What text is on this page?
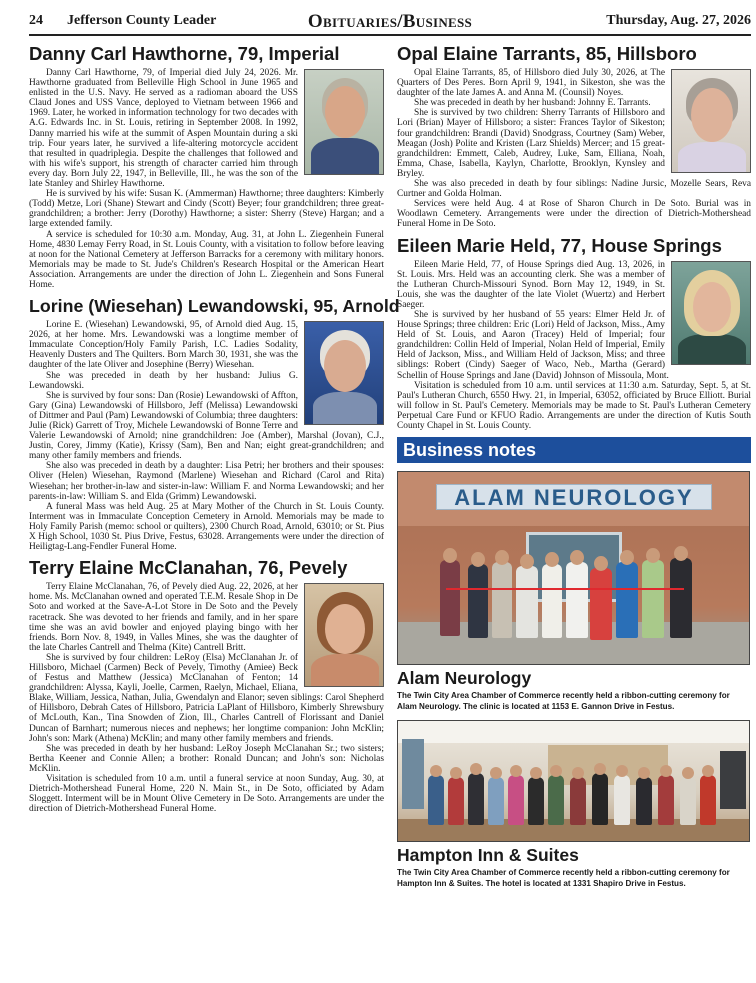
24 Jefferson County Leader	Obituaries/Business	Thursday, Aug. 27, 2026
Danny Carl Hawthorne, 79, Imperial

Danny Carl Hawthorne, 79, of Imperial died July 24, 2026. Mr. Hawthorne graduated from Belleville High School in June 1965 and enlisted in the U.S. Navy. He served as a radioman aboard the USS Claud Jones and USS Vance, deployed to Vietnam between 1966 and 1969. Later, he worked in information technology for two decades with A.G. Edwards Inc. in St. Louis, retiring in September 2008. In 1992, Danny married his wife at the summit of Aspen Mountain during a ski trip. Four years later, he survived a life-altering motorcycle accident that resulted in quadriplegia. Despite the challenges that followed and with his wife's support, his strength of character carried him through every day. Born July 22, 1947, in Belleville, Ill., he was the son of the late Stanley and Shirley Hawthorne.

He is survived by his wife: Susan K. (Ammerman) Hawthorne; three daughters: Kimberly (Todd) Metze, Lori (Shane) Stewart and Cindy (Scott) Beyer; four grandchildren; three great-grandchildren; a brother: Jerry (Dorothy) Hawthorne; a sister: Sherry (Steve) Hargan; and a large extended family.

A service is scheduled for 10:30 a.m. Monday, Aug. 31, at John L. Ziegenhein Funeral Home, 4830 Lemay Ferry Road, in St. Louis County, with a visitation to follow before leaving at noon for the National Cemetery at Jefferson Barracks for a ceremony with military honors. Memorials may be made to St. Jude's Children's Research Hospital or the American Heart Association. Arrangements are under the direction of John L. Ziegenhein and Sons Funeral Home.

Lorine (Wiesehan) Lewandowski, 95, Arnold

Lorine E. (Wiesehan) Lewandowski, 95, of Arnold died Aug. 15, 2026, at her home. Mrs. Lewandowski was a longtime member of Immaculate Conception/Holy Family Parish, I.C. Ladies Sodality, Heavenly Dusters and The Quilters. Born March 30, 1931, she was the daughter of the late Oliver and Josephine (Berry) Wiesehan.

She was preceded in death by her husband: Julius G. Lewandowski.

She is survived by four sons: Dan (Rosie) Lewandowski of Affton, Gary (Gina) Lewandowski of Hillsboro, Jeff (Melissa) Lewandowski of Dittmer and Paul (Pam) Lewandowski of Columbia; three daughters: Julie (Rick) Garrett of Troy, Michele Lewandowski of Bonne Terre and Valerie Lewandowski of Arnold; nine grandchildren: Joe (Amber), Marshal (Jovan), C.J., Justin, Corey, Jimmy (Katie), Krissy (Sam), Ben and Nan; eight great-grandchildren; and many other family members and friends.

She also was preceded in death by a daughter: Lisa Petri; her brothers and their spouses: Oliver (Helen) Wiesehan, Raymond (Marlene) Wiesehan and Richard (Carol and Rita) Wiesehan; her brother-in-law and sister-in-law: William F. and Norma Lewandowski; and her parents-in-law: William S. and Elda (Grimm) Lewandowski.

A funeral Mass was held Aug. 25 at Mary Mother of the Church in St. Louis County. Interment was in Immaculate Conception Cemetery in Arnold. Memorials may be made to Holy Family Parish (memo: school or quilters), 2300 Church Road, Arnold, 63010; or St. Pius X High School, 1030 St. Pius Drive, Festus, 63028. Arrangements were under the direction of Heiligtag-Lang-Fendler Funeral Home.

Terry Elaine McClanahan, 76, Pevely

Terry Elaine McClanahan, 76, of Pevely died Aug. 22, 2026, at her home. Ms. McClanahan owned and operated T.E.M. Resale Shop in De Soto and worked at the Save-A-Lot Store in De Soto and the Pevely racetrack. She was devoted to her friends and family, and in her spare time she was an avid bowler and enjoyed playing bingo with her friends. Born Nov. 8, 1949, in Valles Mines, she was the daughter of the late Charles Cantrell and Thelma (Kite) Cantrell Britt.

She is survived by four children: LeRoy (Elsa) McClanahan Jr. of Hillsboro, Michael (Carmen) Beck of Pevely, Timothy (Amiee) Beck of Festus and Matthew (Jessica) McClanahan of Fenton; 14 grandchildren: Alyssa, Kayli, Joelle, Carmen, Raelyn, Michael, Eliana, Blake, William, Jessica, Nathan, Julia, Gwendalyn and Elanor; seven siblings: Carol Shepherd of Hillsboro, Debrah Cates of Hillsboro, Patricia LaPlant of Hillsboro, Kimberly Shrewsbury of McLouth, Kan., Tina Snowden of Zion, Ill., Charles Cantrell of Florissant and Daniel Duncan of Barnhart; numerous nieces and nephews; her longtime companion: John McKlin; John's son: Mark (Athena) McKlin; and many other family members and friends.

She was preceded in death by her husband: LeRoy Joseph McClanahan Sr.; two sisters; Bertha Keener and Connie Allen; a brother: Ronald Duncan; and John's son: Nicholas McKlin.

Visitation is scheduled from 10 a.m. until a funeral service at noon Sunday, Aug. 30, at Dietrich-Mothershead Funeral Home, 220 N. Main St., in De Soto, officiated by Adam Sloggett. Interment will be in Mount Olive Cemetery in De Soto. Arrangements are under the direction of Dietrich-Mothershead Funeral Home.

Opal Elaine Tarrants, 85, Hillsboro

Opal Elaine Tarrants, 85, of Hillsboro died July 30, 2026, at The Quarters of Des Peres. Born April 9, 1941, in Sikeston, she was the daughter of the late James A. and Anna M. (Counsil) Noyes.

She was preceded in death by her husband: Johnny E. Tarrants.

She is survived by two children: Sherry Tarrants of Hillsboro and Lori (Brian) Mayer of Hillsboro; a sister: Frances Taylor of Sikeston; four grandchildren: Brandi (David) Snodgrass, Courtney (Sam) Weber, Meagan (Josh) Polite and Kristen (Larz Shields) Mercer; and 15 great-grandchildren: Emmett, Caleb, Audrey, Luke, Sam, Elliana, Noah, Emma, Chase, Isabella, Kaylyn, Charlotte, Brooklyn, Kynsley and Bryley.

She was also preceded in death by four siblings: Nadine Jursic, Mozelle Sears, Reva Curtner and Golda Holman.

Services were held Aug. 4 at Rose of Sharon Church in De Soto. Burial was in Woodlawn Cemetery. Arrangements were under the direction of Dietrich-Mothershead Funeral Home in De Soto.

Eileen Marie Held, 77, House Springs

Eileen Marie Held, 77, of House Springs died Aug. 13, 2026, in St. Louis. Mrs. Held was an accounting clerk. She was a member of the Lutheran Church-Missouri Synod. Born May 12, 1949, in St. Louis, she was the daughter of the late Violet (Wuertz) and Herbert Saeger.

She is survived by her husband of 55 years: Elmer Held Jr. of House Springs; three children: Eric (Lori) Held of Jackson, Miss., Amy Held of St. Louis, and Aaron (Tracey) Held of Imperial; four grandchildren: Collin Held of Imperial, Nolan Held of Imperial, Emily Held of Jackson, Miss., and William Held of Jackson, Miss; and three siblings: Robert (Cindy) Saeger of Waco, Neb., Martha (Gerard) Schellin of House Springs and Jane (David) Johnson of Missoula, Mont.

Visitation is scheduled from 10 a.m. until services at 11:30 a.m. Saturday, Sept. 5, at St. Paul's Lutheran Church, 6550 Hwy. 21, in Imperial, 63052, officiated by Bruce Elliott. Burial will follow in St. Paul's Cemetery. Memorials may be made to St. Paul's Lutheran Cemetery Perpetual Care Fund or KFUO Radio. Arrangements are under the direction of Kutis South County Chapel in St. Louis County.

Business notes
ALAM NEUROLOGY
Alam Neurology
The Twin City Area Chamber of Commerce recently held a ribbon-cutting ceremony for Alam Neurology. The clinic is located at 1153 E. Gannon Drive in Festus.
Hampton Inn & Suites
The Twin City Area Chamber of Commerce recently held a ribbon-cutting ceremony for Hampton Inn & Suites. The hotel is located at 1331 Shapiro Drive in Festus.
